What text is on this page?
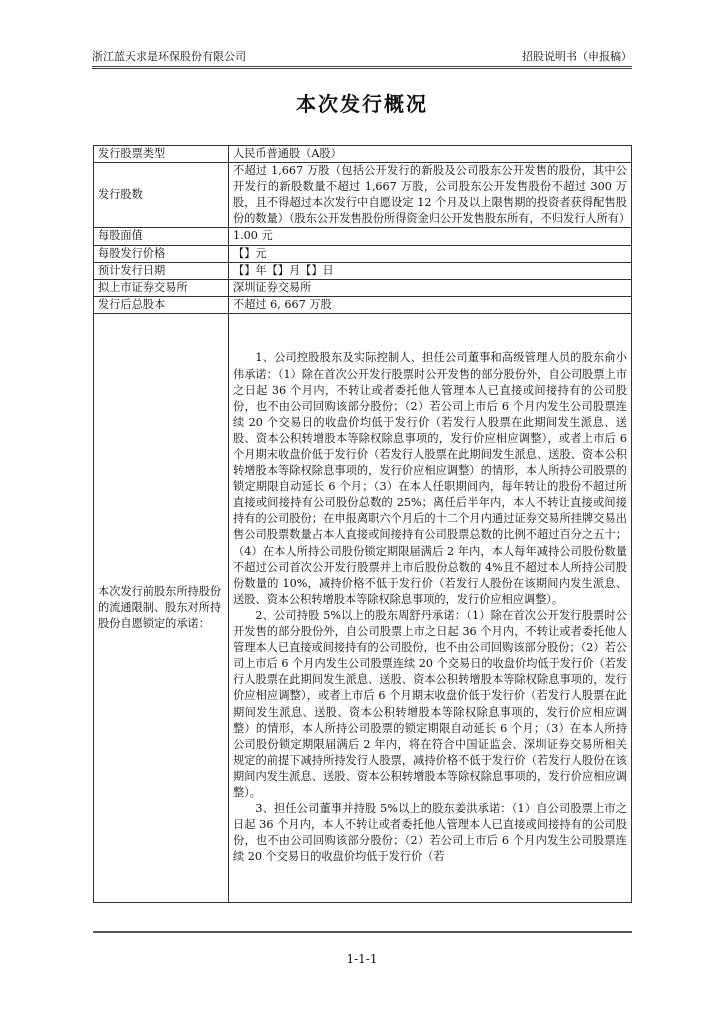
浙江蓝天求是环保股份有限公司	招股说明书（申报稿）
本次发行概况
发行股票类型	人民币普通股（A股）
发行股数	不超过 1,667 万股（包括公开发行的新股及公司股东公开发售的股份，其中公开发行的新股数量不超过 1,667 万股，公司股东公开发售股份不超过 300 万股，且不得超过本次发行中自愿设定 12 个月及以上限售期的投资者获得配售股份的数量）（股东公开发售股份所得资金归公开发售股东所有，不归发行人所有）
每股面值	1.00 元
每股发行价格	【】元
预计发行日期	【】年【】月【】日
拟上市证券交易所	深圳证券交易所
发行后总股本	不超过 6, 667 万股
本次发行前股东所持股份的流通限制、股东对所持股份自愿锁定的承诺：	1、公司控股股东及实际控制人、担任公司董事和高级管理人员的股东俞小伟承诺：（1）除在首次公开发行股票时公开发售的部分股份外，自公司股票上市之日起 36 个月内，不转让或者委托他人管理本人已直接或间接持有的公司股份，也不由公司回购该部分股份；（2）若公司上市后 6 个月内发生公司股票连续 20 个交易日的收盘价均低于发行价（若发行人股票在此期间发生派息、送股、资本公积转增股本等除权除息事项的，发行价应相应调整），或者上市后 6 个月期末收盘价低于发行价（若发行人股票在此期间发生派息、送股、资本公积转增股本等除权除息事项的，发行价应相应调整）的情形，本人所持公司股票的锁定期限自动延长 6 个月；（3）在本人任职期间内，每年转让的股份不超过所直接或间接持有公司股份总数的 25%；离任后半年内，本人不转让直接或间接持有的公司股份；在申报离职六个月后的十二个月内通过证券交易所挂牌交易出售公司股票数量占本人直接或间接持有公司股票总数的比例不超过百分之五十；（4）在本人所持公司股份锁定期限届满后 2 年内，本人每年减持公司股份数量不超过公司首次公开发行股票并上市后股份总数的 4%且不超过本人所持公司股份数量的 10%，减持价格不低于发行价（若发行人股份在该期间内发生派息、送股、资本公积转增股本等除权除息事项的，发行价应相应调整）。

2、公司持股 5%以上的股东周舒丹承诺：（1）除在首次公开发行股票时公开发售的部分股份外，自公司股票上市之日起 36 个月内，不转让或者委托他人管理本人已直接或间接持有的公司股份，也不由公司回购该部分股份；（2）若公司上市后 6 个月内发生公司股票连续 20 个交易日的收盘价均低于发行价（若发行人股票在此期间发生派息、送股、资本公积转增股本等除权除息事项的，发行价应相应调整），或者上市后 6 个月期末收盘价低于发行价（若发行人股票在此期间发生派息、送股、资本公积转增股本等除权除息事项的，发行价应相应调整）的情形，本人所持公司股票的锁定期限自动延长 6 个月；（3）在本人所持公司股份锁定期限届满后 2 年内，将在符合中国证监会、深圳证券交易所相关规定的前提下减持所持发行人股票，减持价格不低于发行价（若发行人股份在该期间内发生派息、送股、资本公积转增股本等除权除息事项的，发行价应相应调整）。

3、担任公司董事并持股 5%以上的股东姜洪承诺：（1）自公司股票上市之日起 36 个月内，本人不转让或者委托他人管理本人已直接或间接持有的公司股份，也不由公司回购该部分股份；（2）若公司上市后 6 个月内发生公司股票连续 20 个交易日的收盘价均低于发行价（若

1-1-1
